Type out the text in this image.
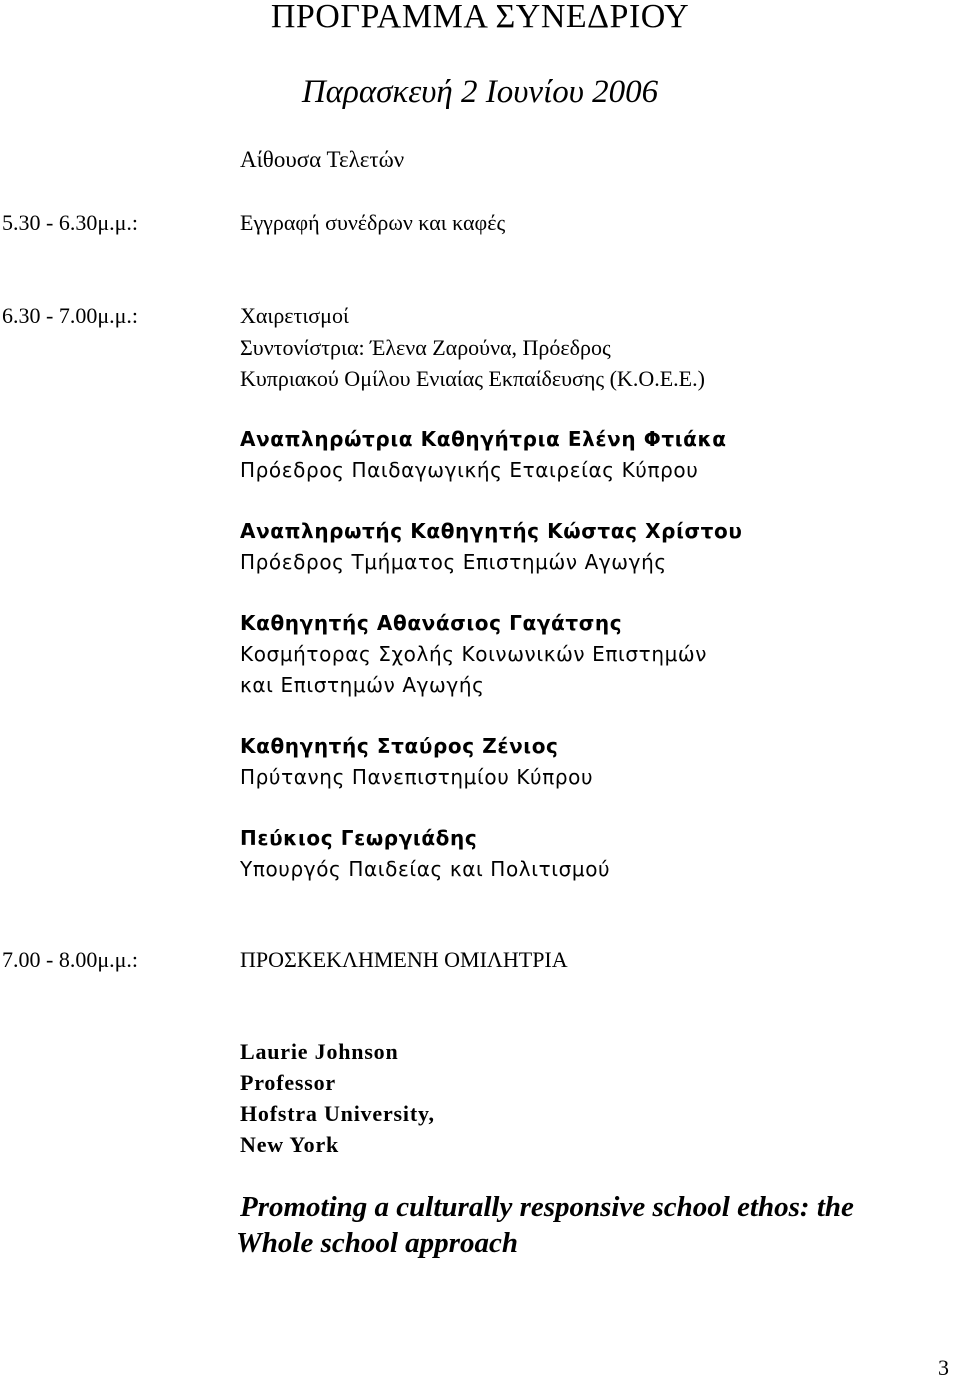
ΠΡΟΓΡΑΜΜΑ ΣΥΝΕΔΡΙΟΥ
Παρασκευή 2 Ιουνίου 2006
Αίθουσα Τελετών
5.30 - 6.30μ.μ.:	Εγγραφή συνέδρων και καφές
6.30 - 7.00μ.μ.:	Χαιρετισμοί
Συντονίστρια: Έλενα Ζαρούνα, Πρόεδρος
Κυπριακού Ομίλου Ενιαίας Εκπαίδευσης (Κ.Ο.Ε.Ε.)
Αναπληρώτρια Καθηγήτρια Ελένη Φτιάκα
Πρόεδρος Παιδαγωγικής Εταιρείας Κύπρου
Αναπληρωτής Καθηγητής Κώστας Χρίστου
Πρόεδρος Τμήματος Επιστημών Αγωγής
Καθηγητής Αθανάσιος Γαγάτσης
Κοσμήτορας Σχολής Κοινωνικών Επιστημών
και Επιστημών Αγωγής
Καθηγητής Σταύρος Ζένιος
Πρύτανης Πανεπιστημίου Κύπρου
Πεύκιος Γεωργιάδης
Υπουργός Παιδείας και Πολιτισμού
7.00 - 8.00μ.μ.:	ΠΡΟΣΚΕΚΛΗΜΕΝΗ ΟΜΙΛΗΤΡΙΑ
Laurie Johnson
Professor
Hofstra University,
New York
Promoting a culturally responsive school ethos: the
Whole school approach
3
